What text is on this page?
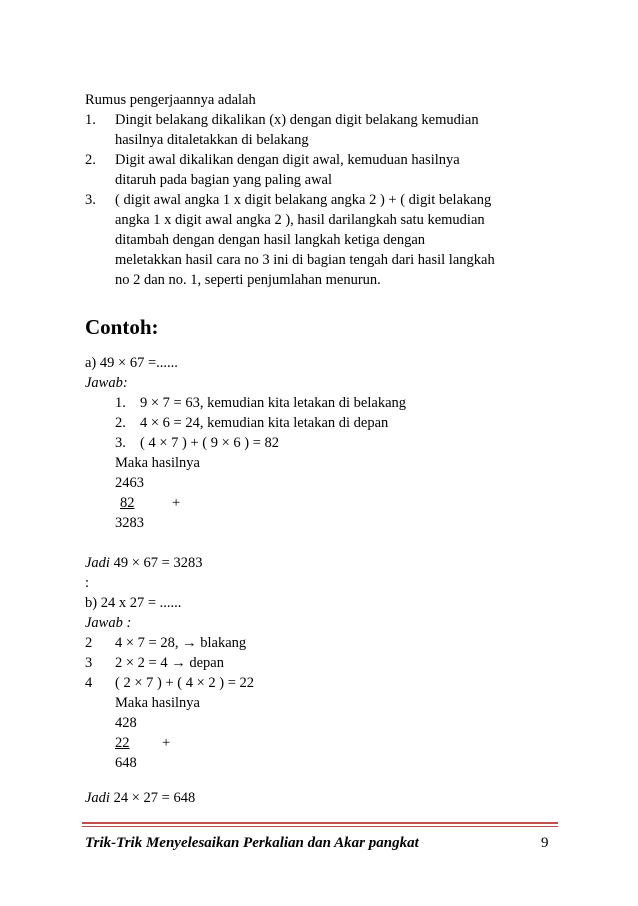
Rumus pengerjaannya adalah
1. Dingit belakang dikalikan (x) dengan digit belakang kemudian
hasilnya ditaletakkan di belakang
2. Digit awal dikalikan dengan digit awal, kemuduan hasilnya
ditaruh pada bagian yang paling awal
3. ( digit awal angka 1 x digit belakang angka 2 ) + ( digit belakang
angka 1 x digit awal angka 2 ), hasil darilangkah satu kemudian
ditambah dengan dengan hasil langkah ketiga dengan
meletakkan hasil cara no 3 ini di bagian tengah dari hasil langkah
no 2 dan no. 1, seperti penjumlahan menurun.
Contoh:
a) 49 × 67 =......
Jawab:
1. 9 × 7 = 63, kemudian kita letakan di belakang
2. 4 × 6 = 24, kemudian kita letakan di depan
3. ( 4 × 7 ) + ( 9 × 6 ) = 82
Maka hasilnya
2463
82	+
3283
Jadi 49 × 67 = 3283
:
b) 24 x 27 = ......
Jawab :
2 4 × 7 = 28, → blakang
3 2 × 2 = 4 → depan
4 ( 2 × 7 ) + ( 4 × 2 ) = 22
Maka hasilnya
428
22	+
648
Jadi 24 × 27 = 648
Trik-Trik Menyelesaikan Perkalian dan Akar pangkat	9
